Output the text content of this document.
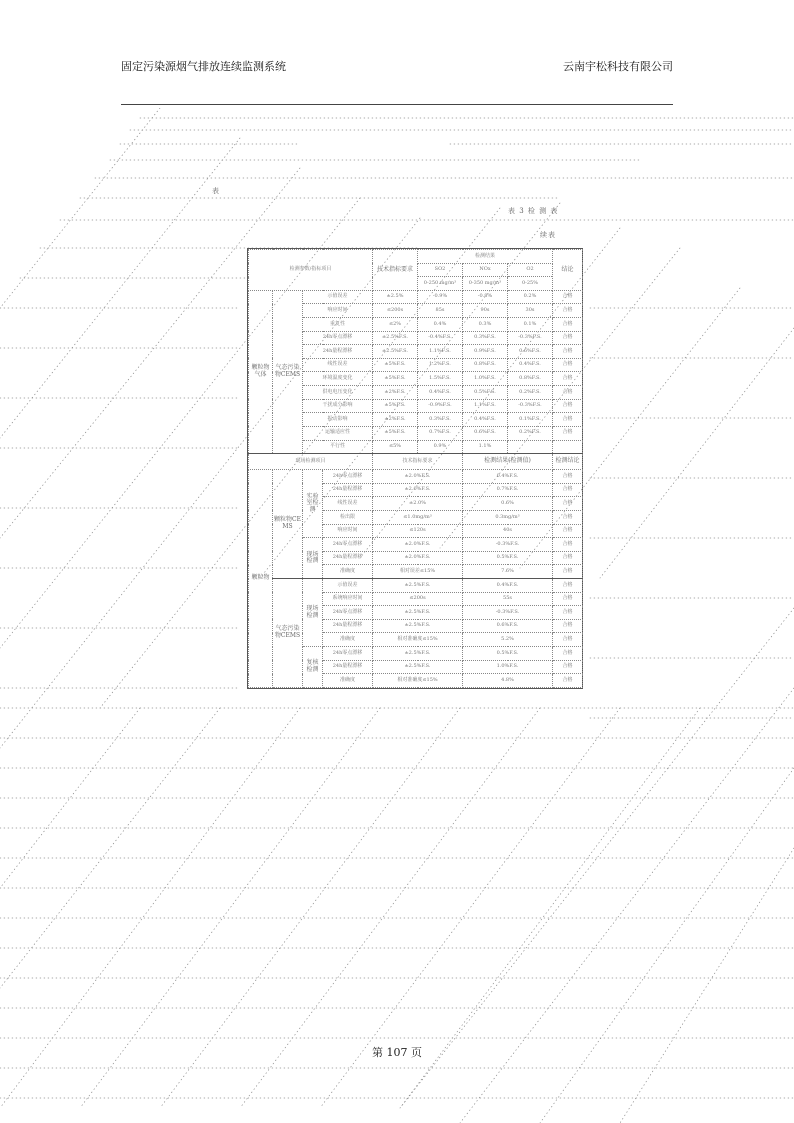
固定污染源烟气排放连续监测系统	云南宇松科技有限公司
表
表 3 检 测 表
续表
检测参数/指标项目				技术指标要求	检测结果			结论
					SO2	NOx	O2	
					0-250 mg/m³	0-350 mg/m³	0-25%	
颗粒物气体	气态污染物CEMS	示值误差		±2.5%	-0.9%	-0.8%	0.2%	合格
		响应时间		≤200s	85s	90s	30s	合格
		重复性		≤2%	0.4%	0.3%	0.1%	合格
		24h零点漂移		±2.5%F.S.	-0.4%F.S.	0.3%F.S.	-0.3%F.S.	合格
		24h量程漂移		±2.5%F.S.	1.1%F.S.	0.9%F.S.	0.6%F.S.	合格
		线性误差		±5%F.S.	1.2%F.S.	0.8%F.S.	0.4%F.S.	合格
		环境温度变化		±5%F.S.	1.5%F.S.	1.0%F.S.	0.8%F.S.	合格
		供电电压变化		±2%F.S.	0.4%F.S.	0.5%F.S.	0.2%F.S.	合格
		干扰成分影响		±5%F.S.	-0.9%F.S.	1.1%F.S.	-0.3%F.S.	合格
		振动影响		±2%F.S.	0.3%F.S.	0.4%F.S.	0.1%F.S.	合格
		运输适应性		±5%F.S.	0.7%F.S.	0.6%F.S.	0.2%F.S.	合格
		平行性		≤5%	0.9%	1.1%		
现场检测项目				技术指标要求		检测结果(检测值)		检测结论
颗粒物	颗粒物CEMS	实验室检测	24h零点漂移	±2.0%F.S.		0.4%F.S.		合格
			24h量程漂移	±2.0%F.S.		0.7%F.S.		合格
			线性误差	±2.0%		0.6%		合格
			检出限	≤1.0mg/m³		0.3mg/m³		合格
			响应时间	≤120s		40s		合格
		现场检测	24h零点漂移	±2.0%F.S.		-0.3%F.S.		合格
			24h量程漂移	±2.0%F.S.		0.5%F.S.		合格
			准确度	相对误差≤15%		7.6%		合格
	气态污染物CEMS	现场检测	示值误差	±2.5%F.S.		0.4%F.S.		合格
			系统响应时间	≤200s		55s		合格
			24h零点漂移	±2.5%F.S.		-0.3%F.S.		合格
			24h量程漂移	±2.5%F.S.		0.6%F.S.		合格
			准确度	相对准确度≤15%		5.2%		合格
		复核检测	24h零点漂移	±2.5%F.S.		0.5%F.S.		合格
			24h量程漂移	±2.5%F.S.		1.0%F.S.		合格
			准确度	相对准确度≤15%		4.8%		合格
第 107 页
